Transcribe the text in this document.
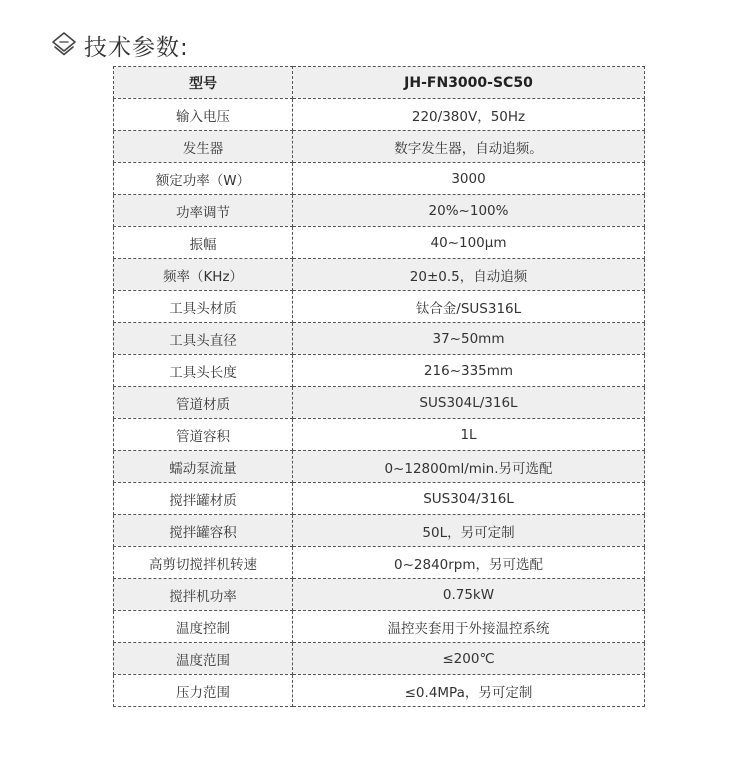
技术参数:
型号	JH-FN3000-SC50
输入电压	220/380V，50Hz
发生器	数字发生器，自动追频。
额定功率（W）	3000
功率调节	20%~100%
振幅	40~100μm
频率（KHz）	20±0.5，自动追频
工具头材质	钛合金/SUS316L
工具头直径	37~50mm
工具头长度	216~335mm
管道材质	SUS304L/316L
管道容积	1L
蠕动泵流量	0~12800ml/min.另可选配
搅拌罐材质	SUS304/316L
搅拌罐容积	50L，另可定制
高剪切搅拌机转速	0~2840rpm，另可选配
搅拌机功率	0.75kW
温度控制	温控夹套用于外接温控系统
温度范围	≤200℃
压力范围	≤0.4MPa，另可定制
